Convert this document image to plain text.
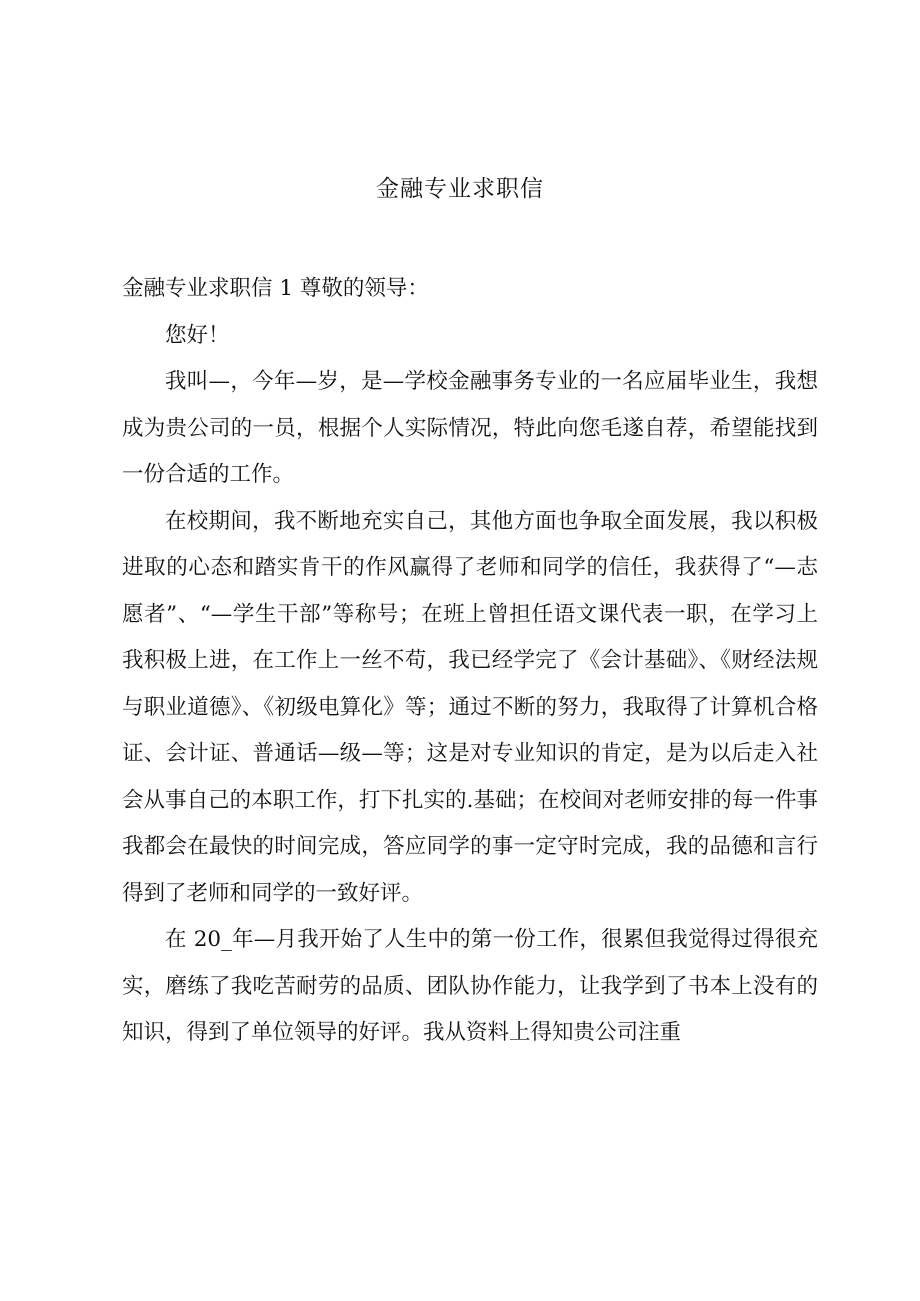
金融专业求职信

金融专业求职信 1 尊敬的领导：

您好！

我叫—，今年—岁，是—学校金融事务专业的一名应届毕业生，我想成为贵公司的一员，根据个人实际情况，特此向您毛遂自荐，希望能找到一份合适的工作。

在校期间，我不断地充实自己，其他方面也争取全面发展，我以积极进取的心态和踏实肯干的作风赢得了老师和同学的信任，我获得了“—志愿者”、“—学生干部”等称号；在班上曾担任语文课代表一职，在学习上我积极上进，在工作上一丝不苟，我已经学完了《会计基础》、《财经法规与职业道德》、《初级电算化》等；通过不断的努力，我取得了计算机合格证、会计证、普通话—级—等；这是对专业知识的肯定，是为以后走入社会从事自己的本职工作，打下扎实的.基础；在校间对老师安排的每一件事我都会在最快的时间完成，答应同学的事一定守时完成，我的品德和言行得到了老师和同学的一致好评。

在 20_年—月我开始了人生中的第一份工作，很累但我觉得过得很充实，磨练了我吃苦耐劳的品质、团队协作能力，让我学到了书本上没有的知识，得到了单位领导的好评。我从资料上得知贵公司注重
